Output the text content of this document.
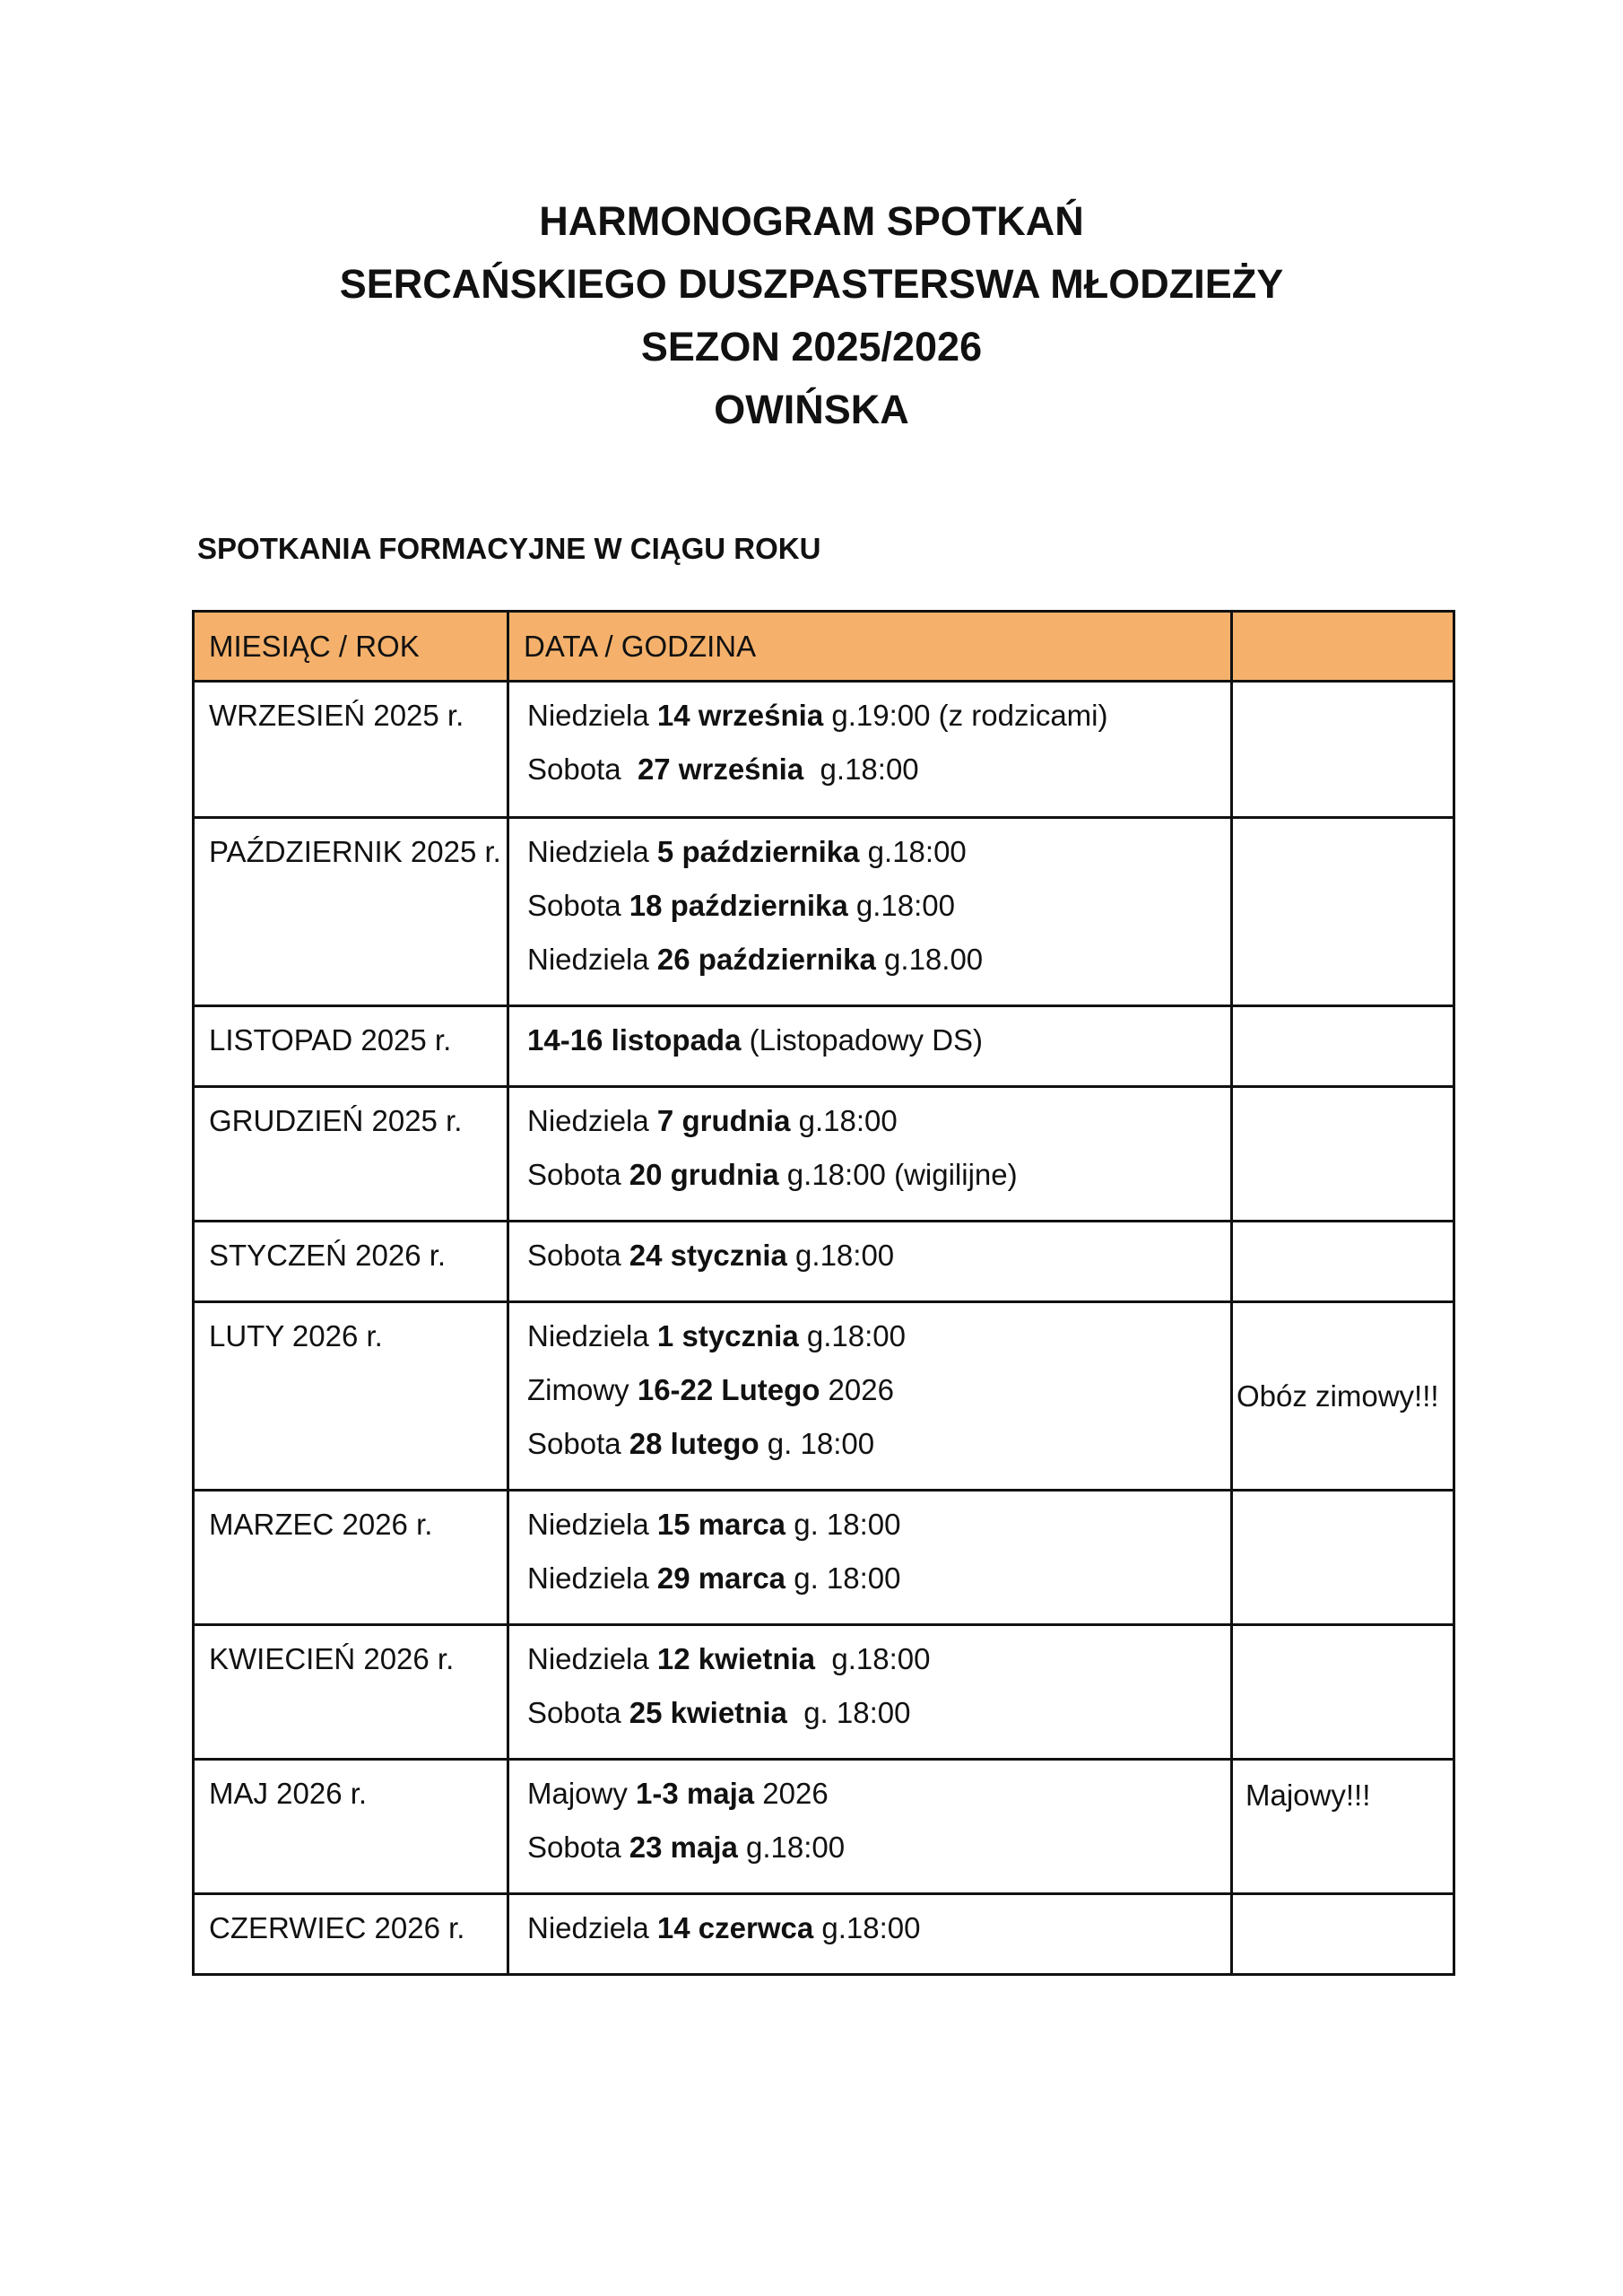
HARMONOGRAM SPOTKAŃ

SERCAŃSKIEGO DUSZPASTERSWA MŁODZIEŻY

SEZON 2025/2026

OWIŃSKA

SPOTKANIA FORMACYJNE W CIĄGU ROKU

MIESIĄC / ROK	DATA / GODZINA	

WRZESIEŃ 2025 r.	Niedziela 14 września g.19:00 (z rodzicami)
Sobota  27 września  g.18:00	

PAŹDZIERNIK 2025 r.	Niedziela 5 października g.18:00
Sobota 18 października g.18:00
Niedziela 26 października g.18.00	

LISTOPAD 2025 r.	14-16 listopada (Listopadowy DS)	

GRUDZIEŃ 2025 r.	Niedziela 7 grudnia g.18:00
Sobota 20 grudnia g.18:00 (wigilijne)	

STYCZEŃ 2026 r.	Sobota 24 stycznia g.18:00	

LUTY 2026 r.	Niedziela 1 stycznia g.18:00
Zimowy 16-22 Lutego 2026
Sobota 28 lutego g. 18:00	Obóz zimowy!!!

MARZEC 2026 r.	Niedziela 15 marca g. 18:00
Niedziela 29 marca g. 18:00	

KWIECIEŃ 2026 r.	Niedziela 12 kwietnia  g.18:00
Sobota 25 kwietnia  g. 18:00	

MAJ 2026 r.	Majowy 1-3 maja 2026
Sobota 23 maja g.18:00	Majowy!!!

CZERWIEC 2026 r.	Niedziela 14 czerwca g.18:00	
